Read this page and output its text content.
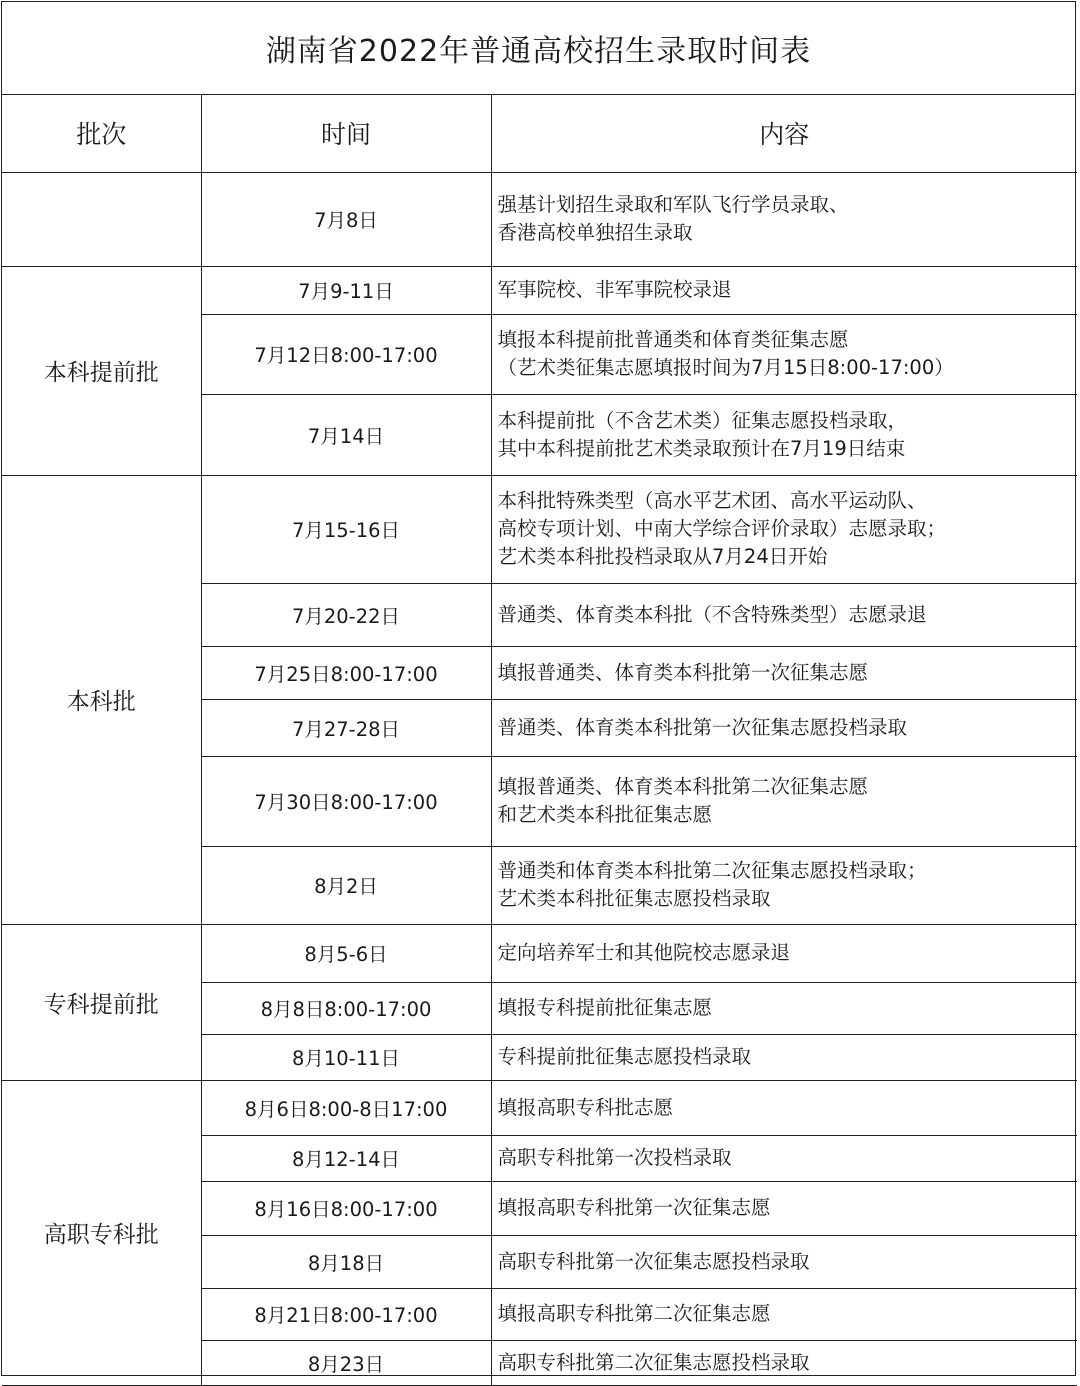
湖南省2022年普通高校招生录取时间表
批次	时间	内容
	7月8日	强基计划招生录取和军队飞行学员录取、
香港高校单独招生录取

本科提前批	7月9-11日	军事院校、非军事院校录退

	7月12日8:00-17:00	填报本科提前批普通类和体育类征集志愿
（艺术类征集志愿填报时间为7月15日8:00-17:00）

	7月14日	本科提前批（不含艺术类）征集志愿投档录取，
其中本科提前批艺术类录取预计在7月19日结束

本科批	7月15-16日	本科批特殊类型（高水平艺术团、高水平运动队、
高校专项计划、中南大学综合评价录取）志愿录取；
艺术类本科批投档录取从7月24日开始

	7月20-22日	普通类、体育类本科批（不含特殊类型）志愿录退

	7月25日8:00-17:00	填报普通类、体育类本科批第一次征集志愿

	7月27-28日	普通类、体育类本科批第一次征集志愿投档录取

	7月30日8:00-17:00	填报普通类、体育类本科批第二次征集志愿
和艺术类本科批征集志愿

	8月2日	普通类和体育类本科批第二次征集志愿投档录取；
艺术类本科批征集志愿投档录取

专科提前批	8月5-6日	定向培养军士和其他院校志愿录退

	8月8日8:00-17:00	填报专科提前批征集志愿

	8月10-11日	专科提前批征集志愿投档录取

高职专科批	8月6日8:00-8日17:00	填报高职专科批志愿

	8月12-14日	高职专科批第一次投档录取

	8月16日8:00-17:00	填报高职专科批第一次征集志愿

	8月18日	高职专科批第一次征集志愿投档录取

	8月21日8:00-17:00	填报高职专科批第二次征集志愿

	8月23日	高职专科批第二次征集志愿投档录取
